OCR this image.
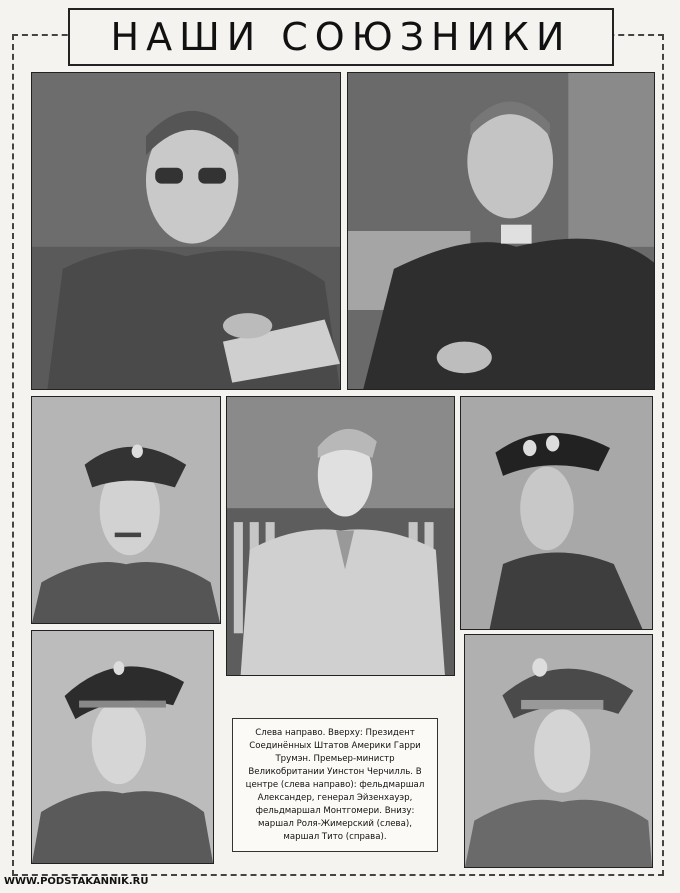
НАШИ СОЮЗНИКИ
Слева направо. Вверху: Президент Соединённых Штатов Америки Гарри Трумэн. Премьер-министр Великобритании Уинстон Черчилль. В центре (слева направо): фельдмаршал Александер, генерал Эйзенхауэр, фельдмаршал Монтгомери. Внизу: маршал Роля-Жимерский (слева), маршал Тито (справа).
WWW.PODSTAKANNIK.RU
